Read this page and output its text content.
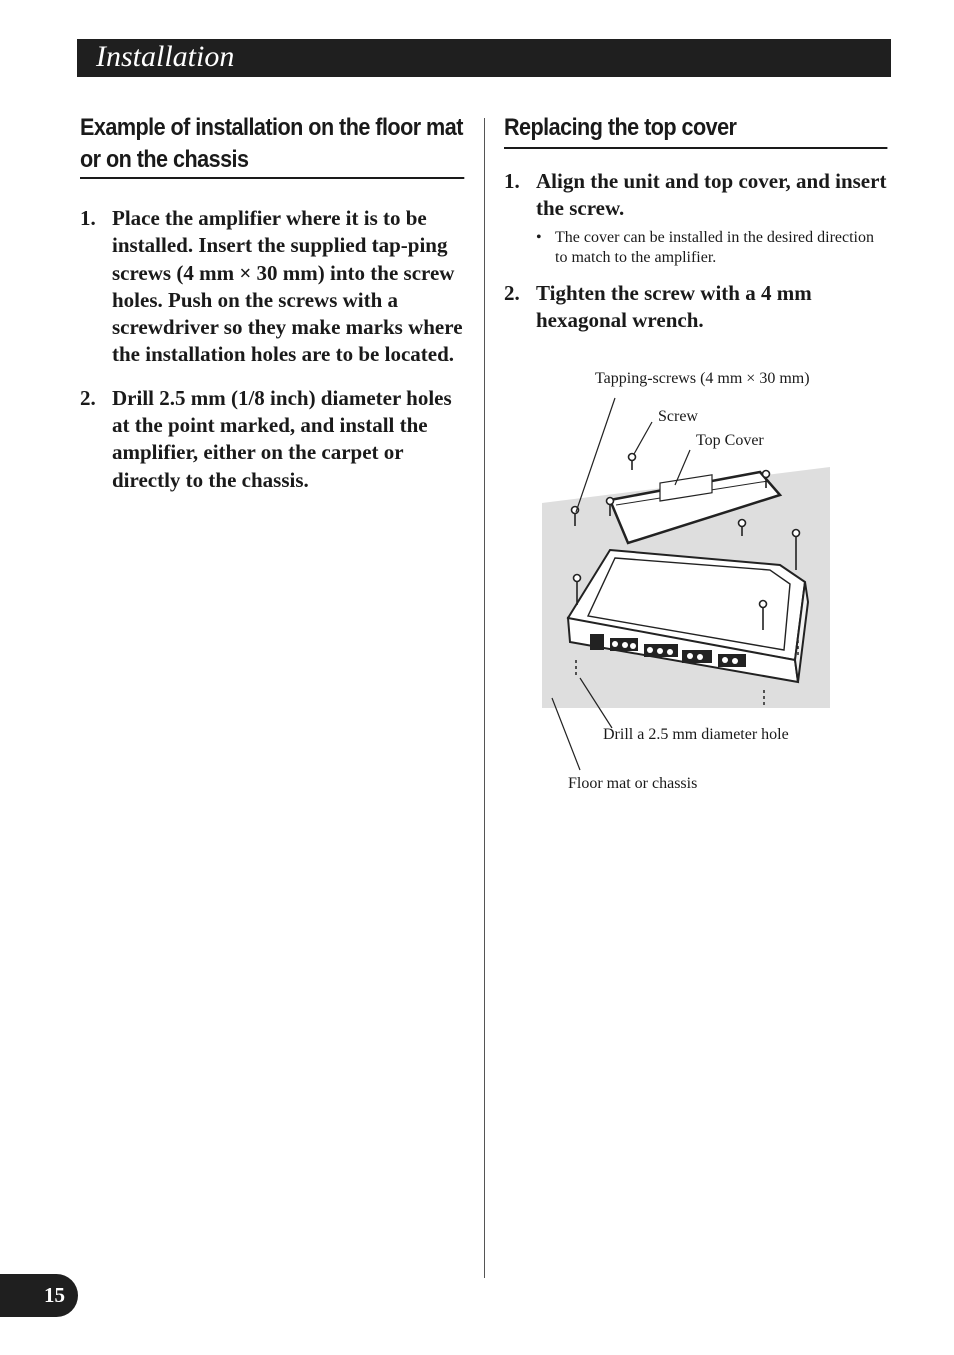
Installation
Example of installation on the floor mat or on the chassis
1. Place the amplifier where it is to be installed. Insert the supplied tap-ping screws (4 mm × 30 mm) into the screw holes. Push on the screws with a screwdriver so they make marks where the installation holes are to be located.
2. Drill 2.5 mm (1/8 inch) diameter holes at the point marked, and install the amplifier, either on the carpet or directly to the chassis.
Replacing the top cover
1. Align the unit and top cover, and insert the screw.
• The cover can be installed in the desired direction to match to the amplifier.
2. Tighten the screw with a 4 mm hexagonal wrench.
Tapping-screws (4 mm × 30 mm)
Screw
Top Cover
Drill a 2.5 mm diameter hole
Floor mat or chassis
15
